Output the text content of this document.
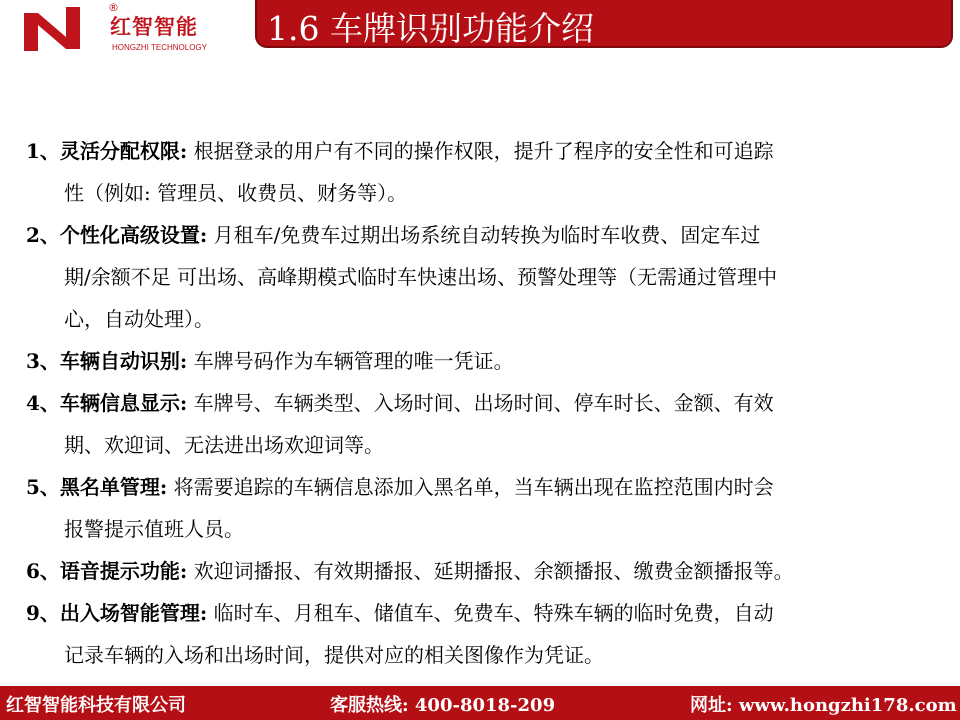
®
红智智能
HONGZHI TECHNOLOGY 1.6 车牌识别功能介绍
1、灵活分配权限: 根据登录的用户有不同的操作权限，提升了程序的安全性和可追踪
性（例如: 管理员、收费员、财务等）。
2、个性化高级设置: 月租车/免费车过期出场系统自动转换为临时车收费、固定车过
期/余额不足 可出场、高峰期模式临时车快速出场、预警处理等（无需通过管理中
心，自动处理）。
3、车辆自动识别: 车牌号码作为车辆管理的唯一凭证。
4、车辆信息显示: 车牌号、车辆类型、入场时间、出场时间、停车时长、金额、有效
期、欢迎词、无法进出场欢迎词等。
5、黑名单管理: 将需要追踪的车辆信息添加入黑名单，当车辆出现在监控范围内时会
报警提示值班人员。
6、语音提示功能: 欢迎词播报、有效期播报、延期播报、余额播报、缴费金额播报等。
9、出入场智能管理: 临时车、月租车、储值车、免费车、特殊车辆的临时免费，自动
记录车辆的入场和出场时间，提供对应的相关图像作为凭证。
红智智能科技有限公司	客服热线: 400-8018-209	网址: www.hongzhi178.com
